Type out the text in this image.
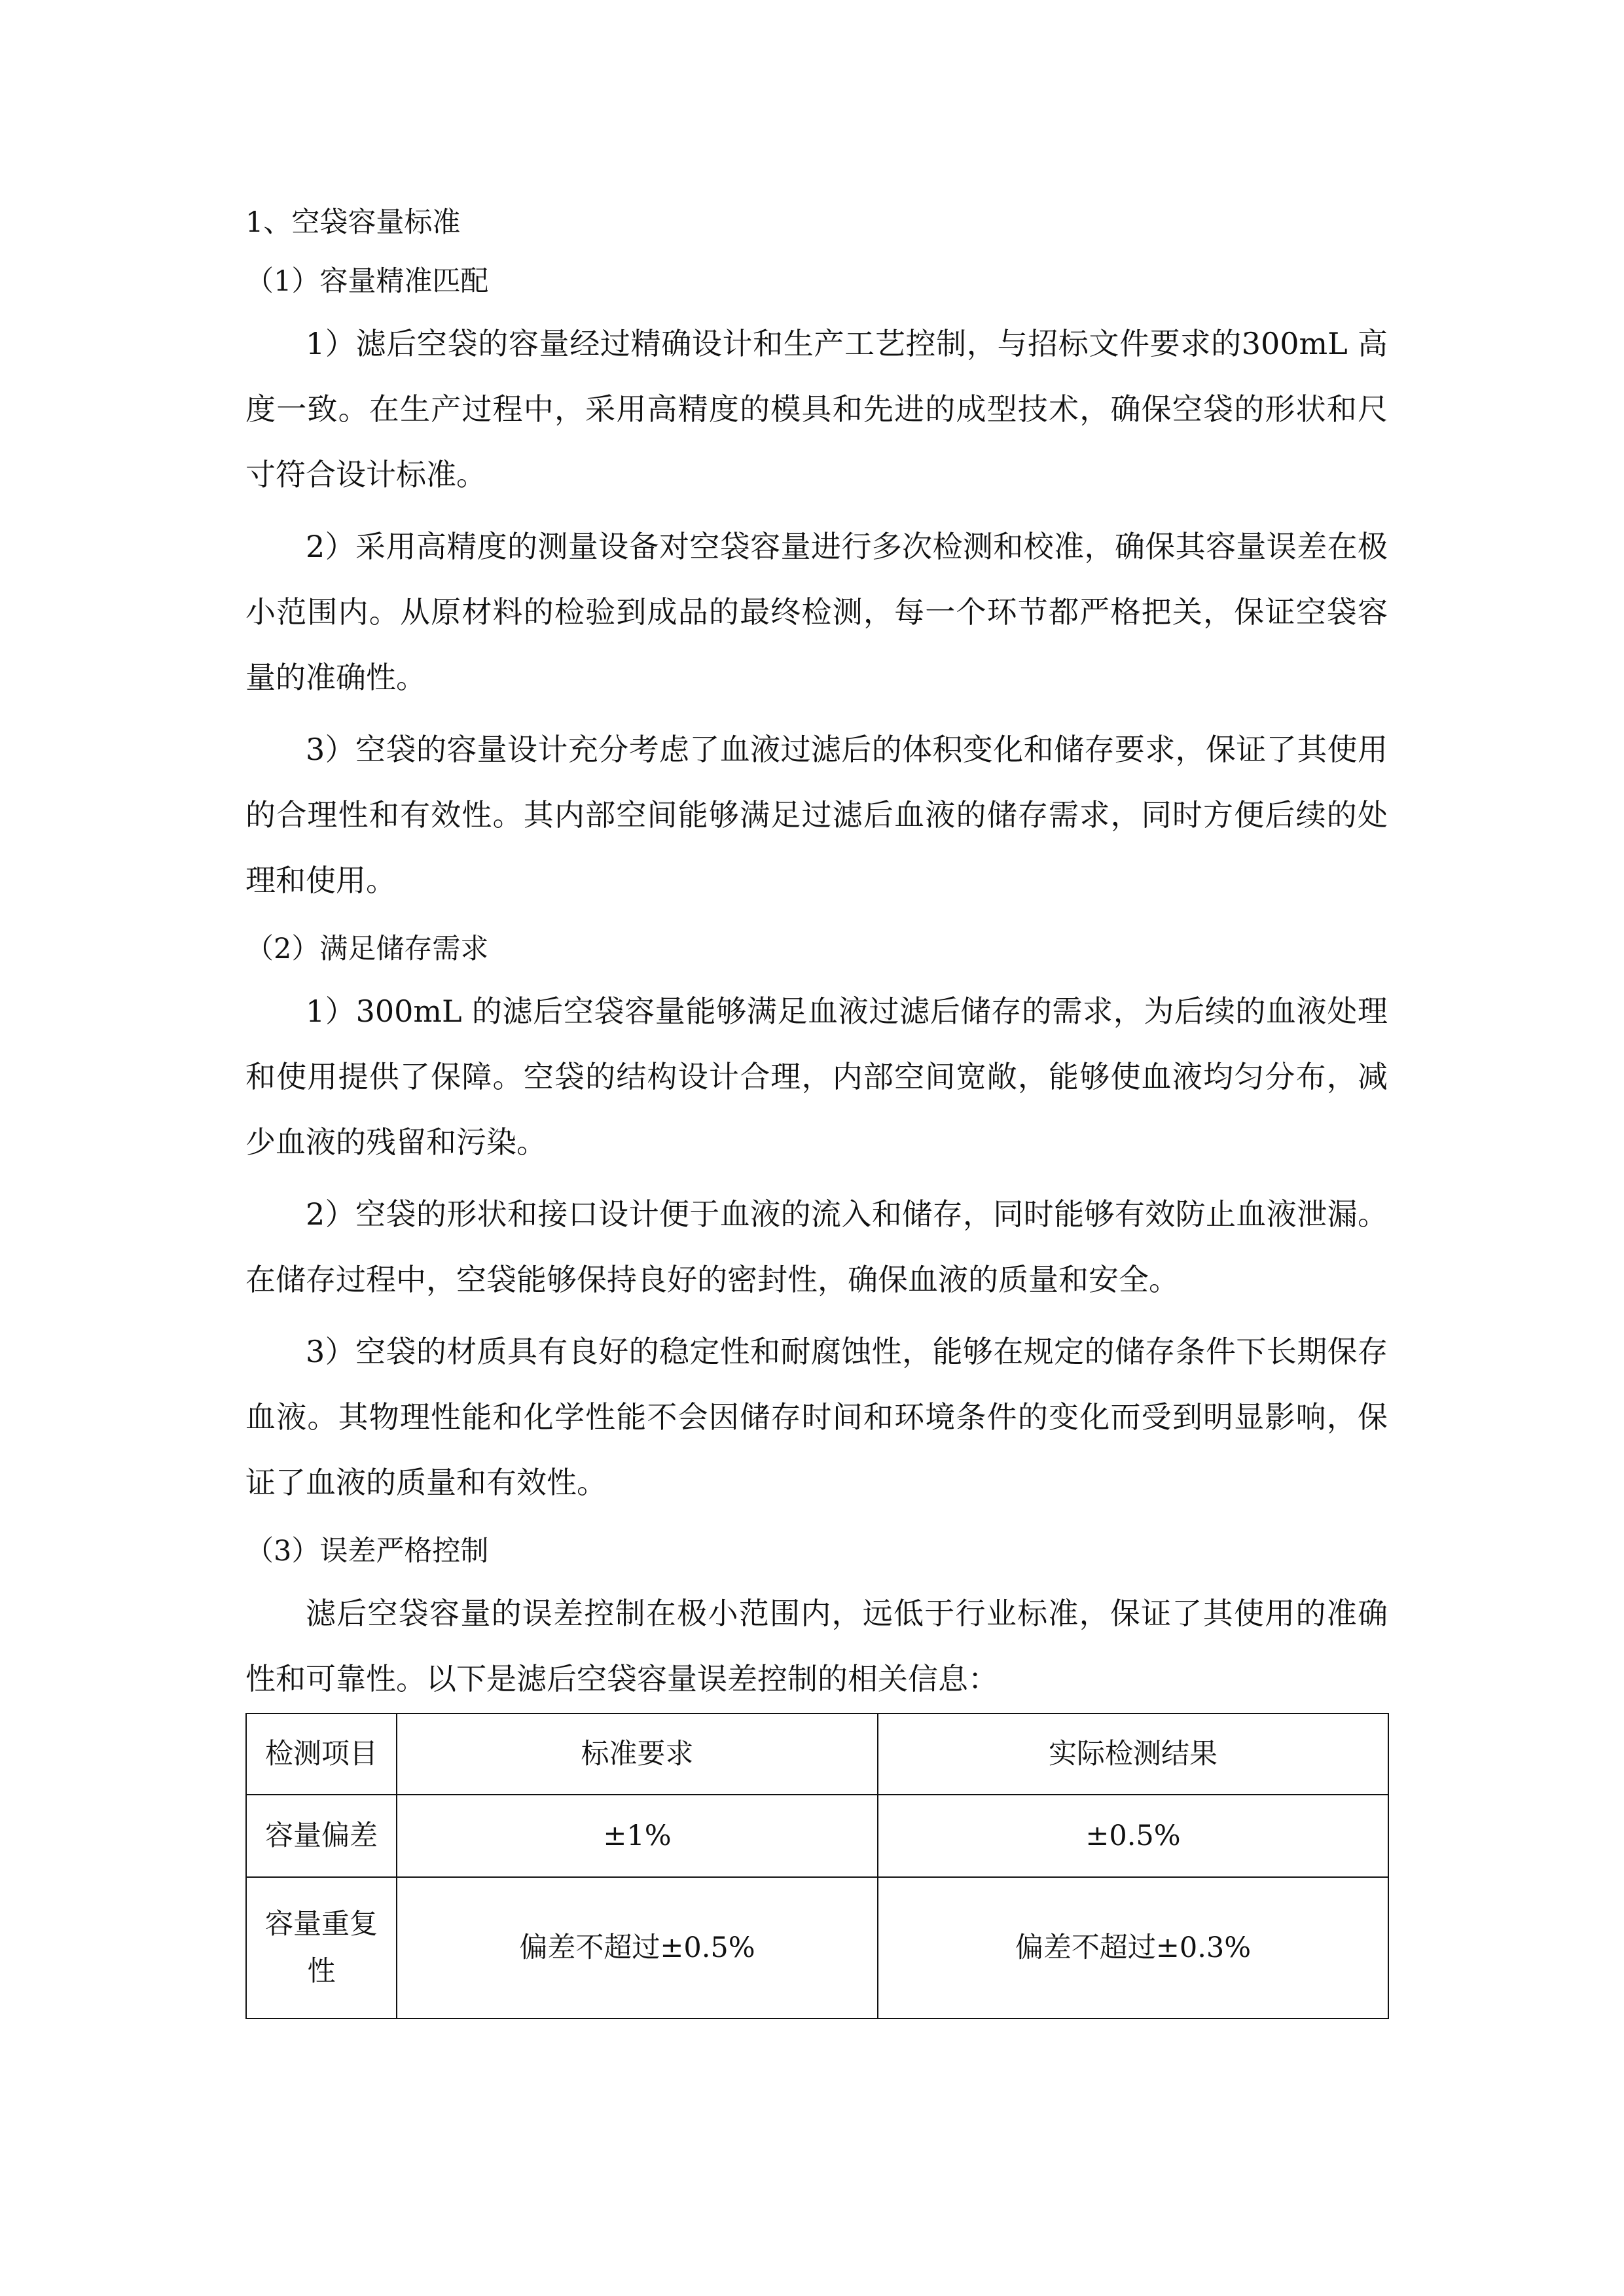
1、空袋容量标准

（1）容量精准匹配

1）滤后空袋的容量经过精确设计和生产工艺控制，与招标文件要求的300mL 高度一致。在生产过程中，采用高精度的模具和先进的成型技术，确保空袋的形状和尺寸符合设计标准。

2）采用高精度的测量设备对空袋容量进行多次检测和校准，确保其容量误差在极小范围内。从原材料的检验到成品的最终检测，每一个环节都严格把关，保证空袋容量的准确性。

3）空袋的容量设计充分考虑了血液过滤后的体积变化和储存要求，保证了其使用的合理性和有效性。其内部空间能够满足过滤后血液的储存需求，同时方便后续的处理和使用。

（2）满足储存需求

1）300mL 的滤后空袋容量能够满足血液过滤后储存的需求，为后续的血液处理和使用提供了保障。空袋的结构设计合理，内部空间宽敞，能够使血液均匀分布，减少血液的残留和污染。

2）空袋的形状和接口设计便于血液的流入和储存，同时能够有效防止血液泄漏。在储存过程中，空袋能够保持良好的密封性，确保血液的质量和安全。

3）空袋的材质具有良好的稳定性和耐腐蚀性，能够在规定的储存条件下长期保存血液。其物理性能和化学性能不会因储存时间和环境条件的变化而受到明显影响，保证了血液的质量和有效性。

（3）误差严格控制

滤后空袋容量的误差控制在极小范围内，远低于行业标准，保证了其使用的准确性和可靠性。以下是滤后空袋容量误差控制的相关信息：

检测项目	标准要求	实际检测结果
容量偏差	±1%	±0.5%
容量重复性	偏差不超过±0.5%	偏差不超过±0.3%
